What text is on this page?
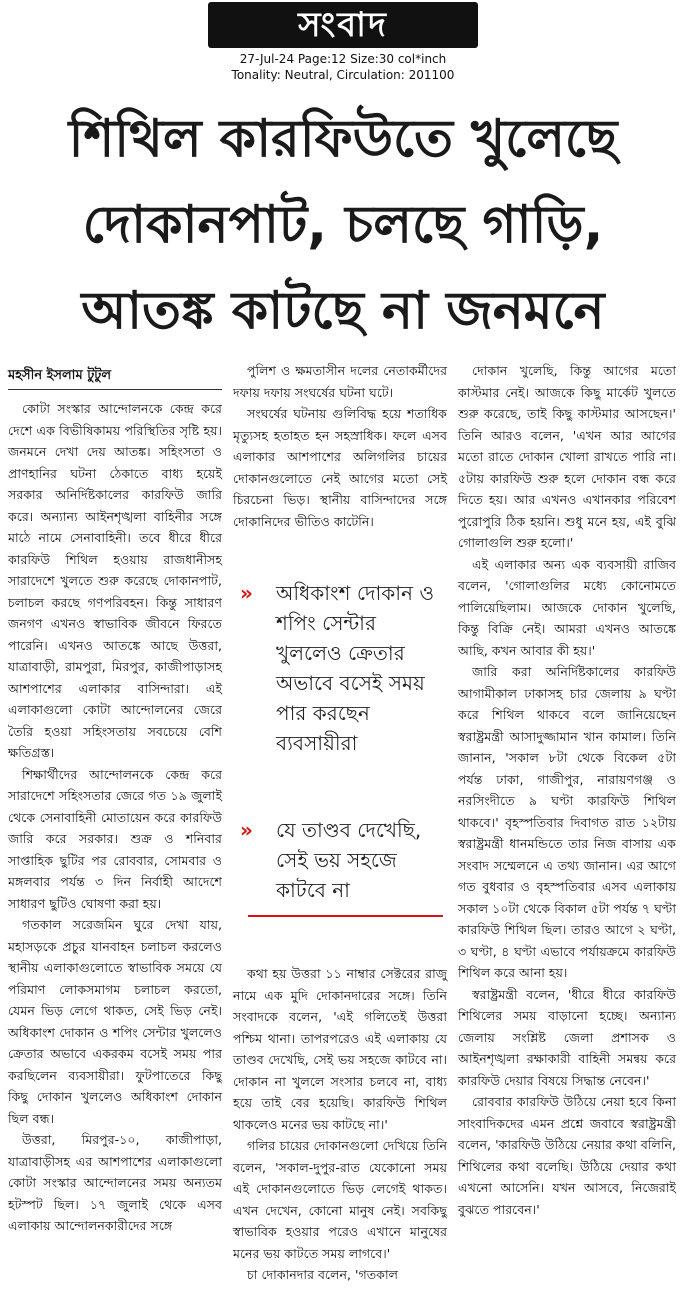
সংবাদ
27-Jul-24 Page:12 Size:30 col*inch
Tonality: Neutral, Circulation: 201100
শিথিল কারফিউতে খুলেছে
দোকানপাট, চলছে গাড়ি,
আতঙ্ক কাটছে না জনমনে
মহসীন ইসলাম টুটুল

কোটা সংস্কার আন্দোলনকে কেন্দ্র করে দেশে এক বিভীষিকাময় পরিস্থিতির সৃষ্টি হয়। জনমনে দেখা দেয় আতঙ্ক। সহিংসতা ও প্রাণহানির ঘটনা ঠেকাতে বাধ্য হয়েই সরকার অনির্দিষ্টকালের কারফিউ জারি করে। অন্যান্য আইনশৃঙ্খলা বাহিনীর সঙ্গে মাঠে নামে সেনাবাহিনী। তবে ধীরে ধীরে কারফিউ শিথিল হওয়ায় রাজধানীসহ সারাদেশে খুলতে শুরু করেছে দোকানপাট, চলাচল করছে গণপরিবহন। কিন্তু সাধারণ জনগণ এখনও স্বাভাবিক জীবনে ফিরতে পারেনি। এখনও আতঙ্কে আছে উত্তরা, যাত্রাবাড়ী, রামপুরা, মিরপুর, কাজীপাড়াসহ আশপাশের এলাকার বাসিন্দারা। এই এলাকাগুলো কোটা আন্দোলনের জেরে তৈরি হওয়া সহিংসতায় সবচেয়ে বেশি ক্ষতিগ্রস্ত।

শিক্ষার্থীদের আন্দোলনকে কেন্দ্র করে সারাদেশে সহিংসতার জেরে গত ১৯ জুলাই থেকে সেনাবাহিনী মোতায়েন করে কারফিউ জারি করে সরকার। শুক্র ও শনিবার সাপ্তাহিক ছুটির পর রোববার, সোমবার ও মঙ্গলবার পর্যন্ত ৩ দিন নির্বাহী আদেশে সাধারণ ছুটিও ঘোষণা করা হয়।

গতকাল সরেজমিন ঘুরে দেখা যায়, মহাসড়কে প্রচুর যানবাহন চলাচল করলেও স্থানীয় এলাকাগুলোতে স্বাভাবিক সময়ে যে পরিমাণ লোকসমাগম চলাচল করতো, যেমন ভিড় লেগে থাকত, সেই ভিড় নেই। অধিকাংশ দোকান ও শপিং সেন্টার খুললেও ক্রেতার অভাবে একরকম বসেই সময় পার করছিলেন ব্যবসায়ীরা। ফুটপাতেরে কিছু কিছু দোকান খুললেও অধিকাংশ দোকান ছিল বন্ধ।

উত্তরা, মিরপুর-১০, কাজীপাড়া, যাত্রাবাড়ীসহ এর আশপাশের এলাকাগুলো কোটা সংস্কার আন্দোলনের সময় অন্যতম হটস্পট ছিল। ১৭ জুলাই থেকে এসব এলাকায় আন্দোলনকারীদের সঙ্গে

পুলিশ ও ক্ষমতাসীন দলের নেতাকর্মীদের দফায় দফায় সংঘর্ষের ঘটনা ঘটে।

সংঘর্ষের ঘটনায় গুলিবিদ্ধ হয়ে শতাধিক মৃত্যুসহ হতাহত হন সহস্রাধিক। ফলে এসব এলাকার আশপাশের অলিগলির চায়ের দোকানগুলোতে নেই আগের মতো সেই চিরচেনা ভিড়। স্থানীয় বাসিন্দাদের সঙ্গে দোকানিদের ভীতিও কাটেনি।

» অধিকাংশ দোকান ও শপিং সেন্টার খুললেও ক্রেতার অভাবে বসেই সময় পার করছেন ব্যবসায়ীরা
» যে তাণ্ডব দেখেছি, সেই ভয় সহজে কাটবে না

কথা হয় উত্তরা ১১ নাম্বার সেক্টরের রাজু নামে এক মুদি দোকানদারের সঙ্গে। তিনি সংবাদকে বলেন, 'এই গলিতেই উত্তরা পশ্চিম থানা। তাপরপরেও এই এলাকায় যে তাণ্ডব দেখেছি, সেই ভয় সহজে কাটবে না। দোকান না খুললে সংসার চলবে না, বাধ্য হয়ে তাই বের হয়েছি। কারফিউ শিথিল থাকলেও মনের ভয় কাটছে না।'

গলির চায়ের দোকানগুলো দেখিয়ে তিনি বলেন, 'সকাল-দুপুর-রাত যেকোনো সময় এই দোকানগুলোতে ভিড় লেগেই থাকত। এখন দেখেন, কোনো মানুষ নেই। সবকিছু স্বাভাবিক হওয়ার পরেও এখানে মানুষের মনের ভয় কাটতে সময় লাগবে।'

চা দোকানদার বলেন, 'গতকাল

দোকান খুলেছি, কিন্তু আগের মতো কাস্টমার নেই। আজকে কিছু মার্কেট খুলতে শুরু করেছে, তাই কিছু কাস্টমার আসছেন।' তিনি আরও বলেন, 'এখন আর আগের মতো রাতে দোকান খোলা রাখতে পারি না। ৫টায় কারফিউ শুরু হলে দোকান বন্ধ করে দিতে হয়। আর এখনও এখানকার পরিবেশ পুরোপুরি ঠিক হয়নি। শুধু মনে হয়, এই বুঝি গোলাগুলি শুরু হলো।'

এই এলাকার অন্য এক ব্যবসায়ী রাজিব বলেন, 'গোলাগুলির মধ্যে কোনোমতে পালিয়েছিলাম। আজকে দোকান খুলেছি, কিন্তু বিক্রি নেই। আমরা এখনও আতঙ্কে আছি, কখন আবার কী হয়।'

জারি করা অনির্দিষ্টকালের কারফিউ আগামীকাল ঢাকাসহ চার জেলায় ৯ ঘণ্টা করে শিথিল থাকবে বলে জানিয়েছেন স্বরাষ্ট্রমন্ত্রী আসাদুজ্জামান খান কামাল। তিনি জানান, 'সকাল ৮টা থেকে বিকেল ৫টা পর্যন্ত ঢাকা, গাজীপুর, নারায়ণগঞ্জ ও নরসিংদীতে ৯ ঘণ্টা কারফিউ শিথিল থাকবে।' বৃহস্পতিবার দিবাগত রাত ১২টায় স্বরাষ্ট্রমন্ত্রী ধানমন্ডিতে তার নিজ বাসায় এক সংবাদ সম্মেলনে এ তথ্য জানান। এর আগে গত বুধবার ও বৃহস্পতিবার এসব এলাকায় সকাল ১০টা থেকে বিকাল ৫টা পর্যন্ত ৭ ঘণ্টা কারফিউ শিথিল ছিল। তারও আগে ২ ঘণ্টা, ৩ ঘণ্টা, ৪ ঘণ্টা এভাবে পর্যায়ক্রমে কারফিউ শিথিল করে আনা হয়।

স্বরাষ্ট্রমন্ত্রী বলেন, 'ধীরে ধীরে কারফিউ শিথিলের সময় বাড়ানো হচ্ছে। অন্যান্য জেলায় সংশ্লিষ্ট জেলা প্রশাসক ও আইনশৃঙ্খলা রক্ষাকারী বাহিনী সমন্বয় করে কারফিউ দেয়ার বিষয়ে সিদ্ধান্ত নেবেন।'

রোববার কারফিউ উঠিয়ে নেয়া হবে কিনা সাংবাদিকদের এমন প্রশ্নে জবাবে স্বরাষ্ট্রমন্ত্রী বলেন, 'কারফিউ উঠিয়ে নেয়ার কথা বলিনি, শিথিলের কথা বলেছি। উঠিয়ে দেয়ার কথা এখনো আসেনি। যখন আসবে, নিজেরাই বুঝতে পারবেন।'
